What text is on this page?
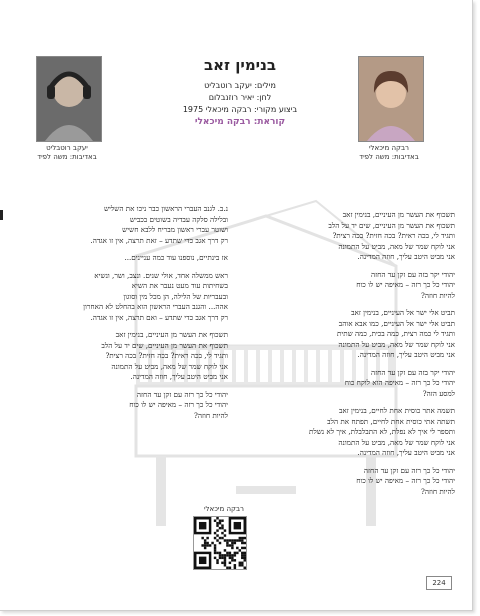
יעקב רוטבליט
באדיבות: משה לפיד
רבקה מיכאלי
באדיבות: משה לפיד
בנימין זאב
מילים: יעקב רוטבליט
לחן: יאיר רוזנבלום
ביצוע מקורי: רבקה מיכאלי 1975
קוראת: רבקה מיכאלי
תשכוף את העשר מן העיניים, בנימין זאב
תשכוף את העשר מן העיניים, שים יד על הלב
ותגיד לי, בכה ראית? בכה חזית? בכה רצית?
אני לוקח שמר של מאה, מביט על התמונה
אני מביט היטב עליך, חוזה המדינה.
יהודי יקר בזה עם זקן עד החזה
יהודי כל כך רזה – מאיפה יש לו כוח
להיות חוזה?
תביט אלי ישר אל העיניים, בנימין זאב
תביט אלי ישר אל העיניים, כמו אבא אוהב
ותגיד לי כמה רצית, כמה בכית, כמה שתית
אני לוקח שמר של מאה, מביט על התמונה
אני מביט היטב עליך, חוזה המדינה.
יהודי יקר בזה עם זקן עד החזה
יהודי כל כך רזה – מאיפה הוא לוקח כוח
למסע הזה?
תשמה אתר כוסית אחת לחיים, בנימין זאב
תשתה אתי כוסית אחת לחיים, תפתח את הלב
ותספר לי איך לא נפלת, לא התבלבלת, איך לא נשלת
אני לוקח שמר של מאה, מביט על התמונה
אני מביט היטב עליך, חוזה המדינה.
יהודי כל כך רזה עם זקן עד החזה
יהודי כל כך רזה – מאיפה יש לו כוח
להיות חוזה?
נ.ב. לגנב העברי הראשון כבר ניכו את השליש
ובלילה סלקה עבדיה בשוטים בכביש
ושוטר עברי ראשון מבריח ללבא חשיש
רק דרך אגב כדי שתדע – זאת תרצה, אין זו אגדה.
אז בינתיים, נוספנו עוד כמה עניינים...
ראש ממשלה אחד, אולי שנים. ונצב, ושר, ונשיא
בשחיתות עוד מעט נעבר את השיא
ובעבריות של הלילה, הן מכל מין וסוגון
אהה... והגנב העברי הראשון הוא בהחלט לא האחרון
רק דרך אגב כדי שתדע – ואם תרצה, אין זו אגדה.
תשכוף את העשר מן העיניים, בנימין זאב
תשכוף את העשר מן העיניים, שים יד על הלב
ותגיד לי, בכה ראית? בכה חזית? בכה רצית?
אני לוקח שמר של מאה, מביט על התמונה
אני מביט היטב עליך, חוזה המדינה.
יהודי כל כך רזה עם זקן עד החזה
יהודי כל כך רזה – מאיפה יש לו כוח
להיות חוזה?
רבקה מיכאלי
224
